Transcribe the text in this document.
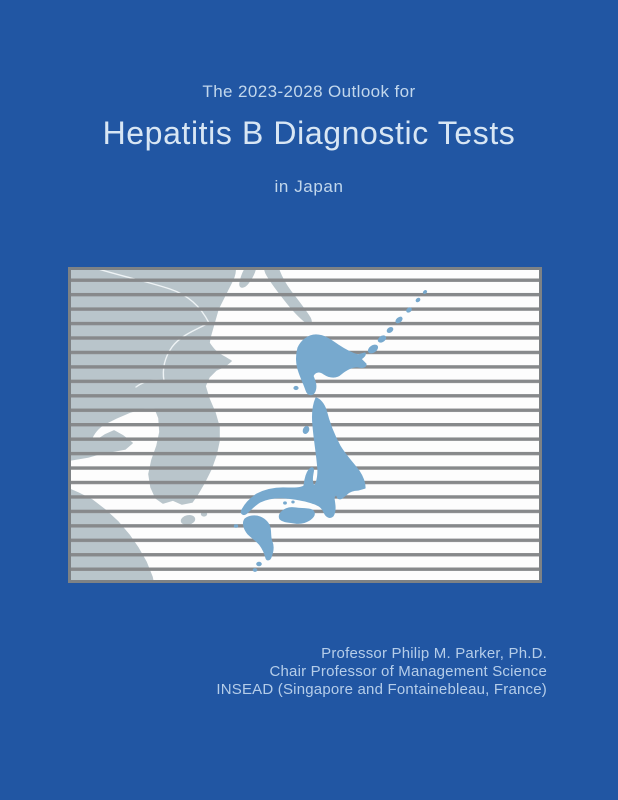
The 2023-2028 Outlook for
Hepatitis B Diagnostic Tests
in Japan
Professor Philip M. Parker, Ph.D.
Chair Professor of Management Science
INSEAD (Singapore and Fontainebleau, France)
